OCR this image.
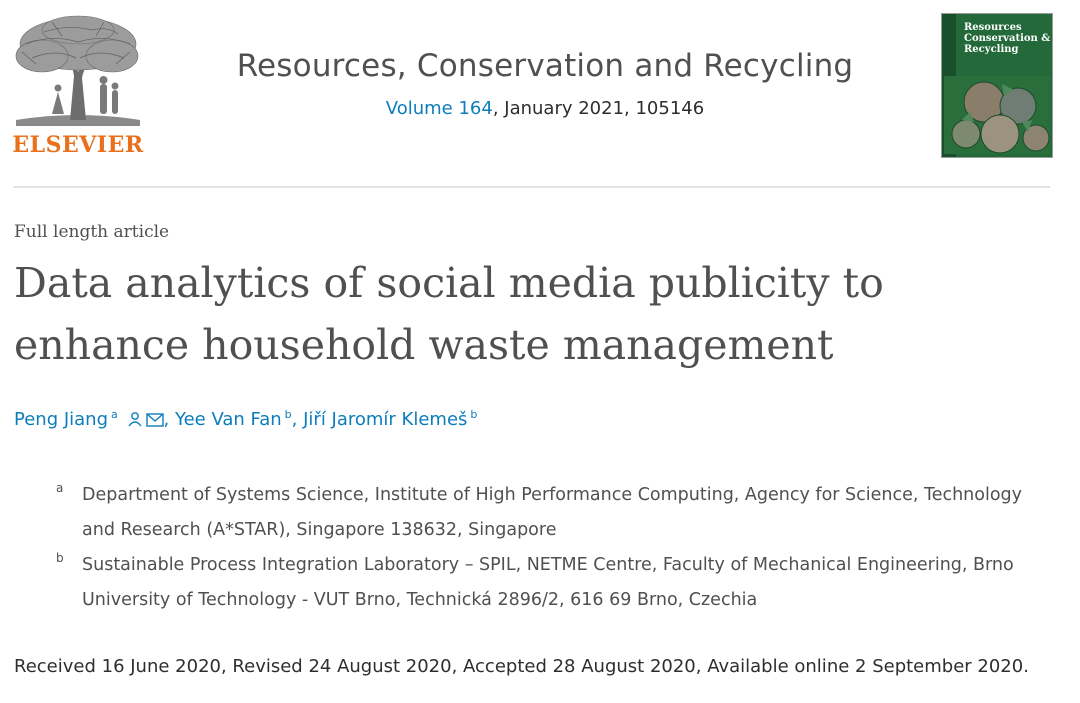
ELSEVIER
Resources, Conservation and Recycling
Volume 164, January 2021, 105146
Resources Conservation & Recycling
Full length article
Data analytics of social media publicity to enhance household waste management
Peng Jiang $^a$	, Yee Van Fan $^b$, Jiří Jaromír Klemeš $^b$
a Department of Systems Science, Institute of High Performance Computing, Agency for Science, Technology and Research (A*STAR), Singapore 138632, Singapore
b Sustainable Process Integration Laboratory – SPIL, NETME Centre, Faculty of Mechanical Engineering, Brno University of Technology - VUT Brno, Technická 2896/2, 616 69 Brno, Czechia
Received 16 June 2020, Revised 24 August 2020, Accepted 28 August 2020, Available online 2 September 2020.
